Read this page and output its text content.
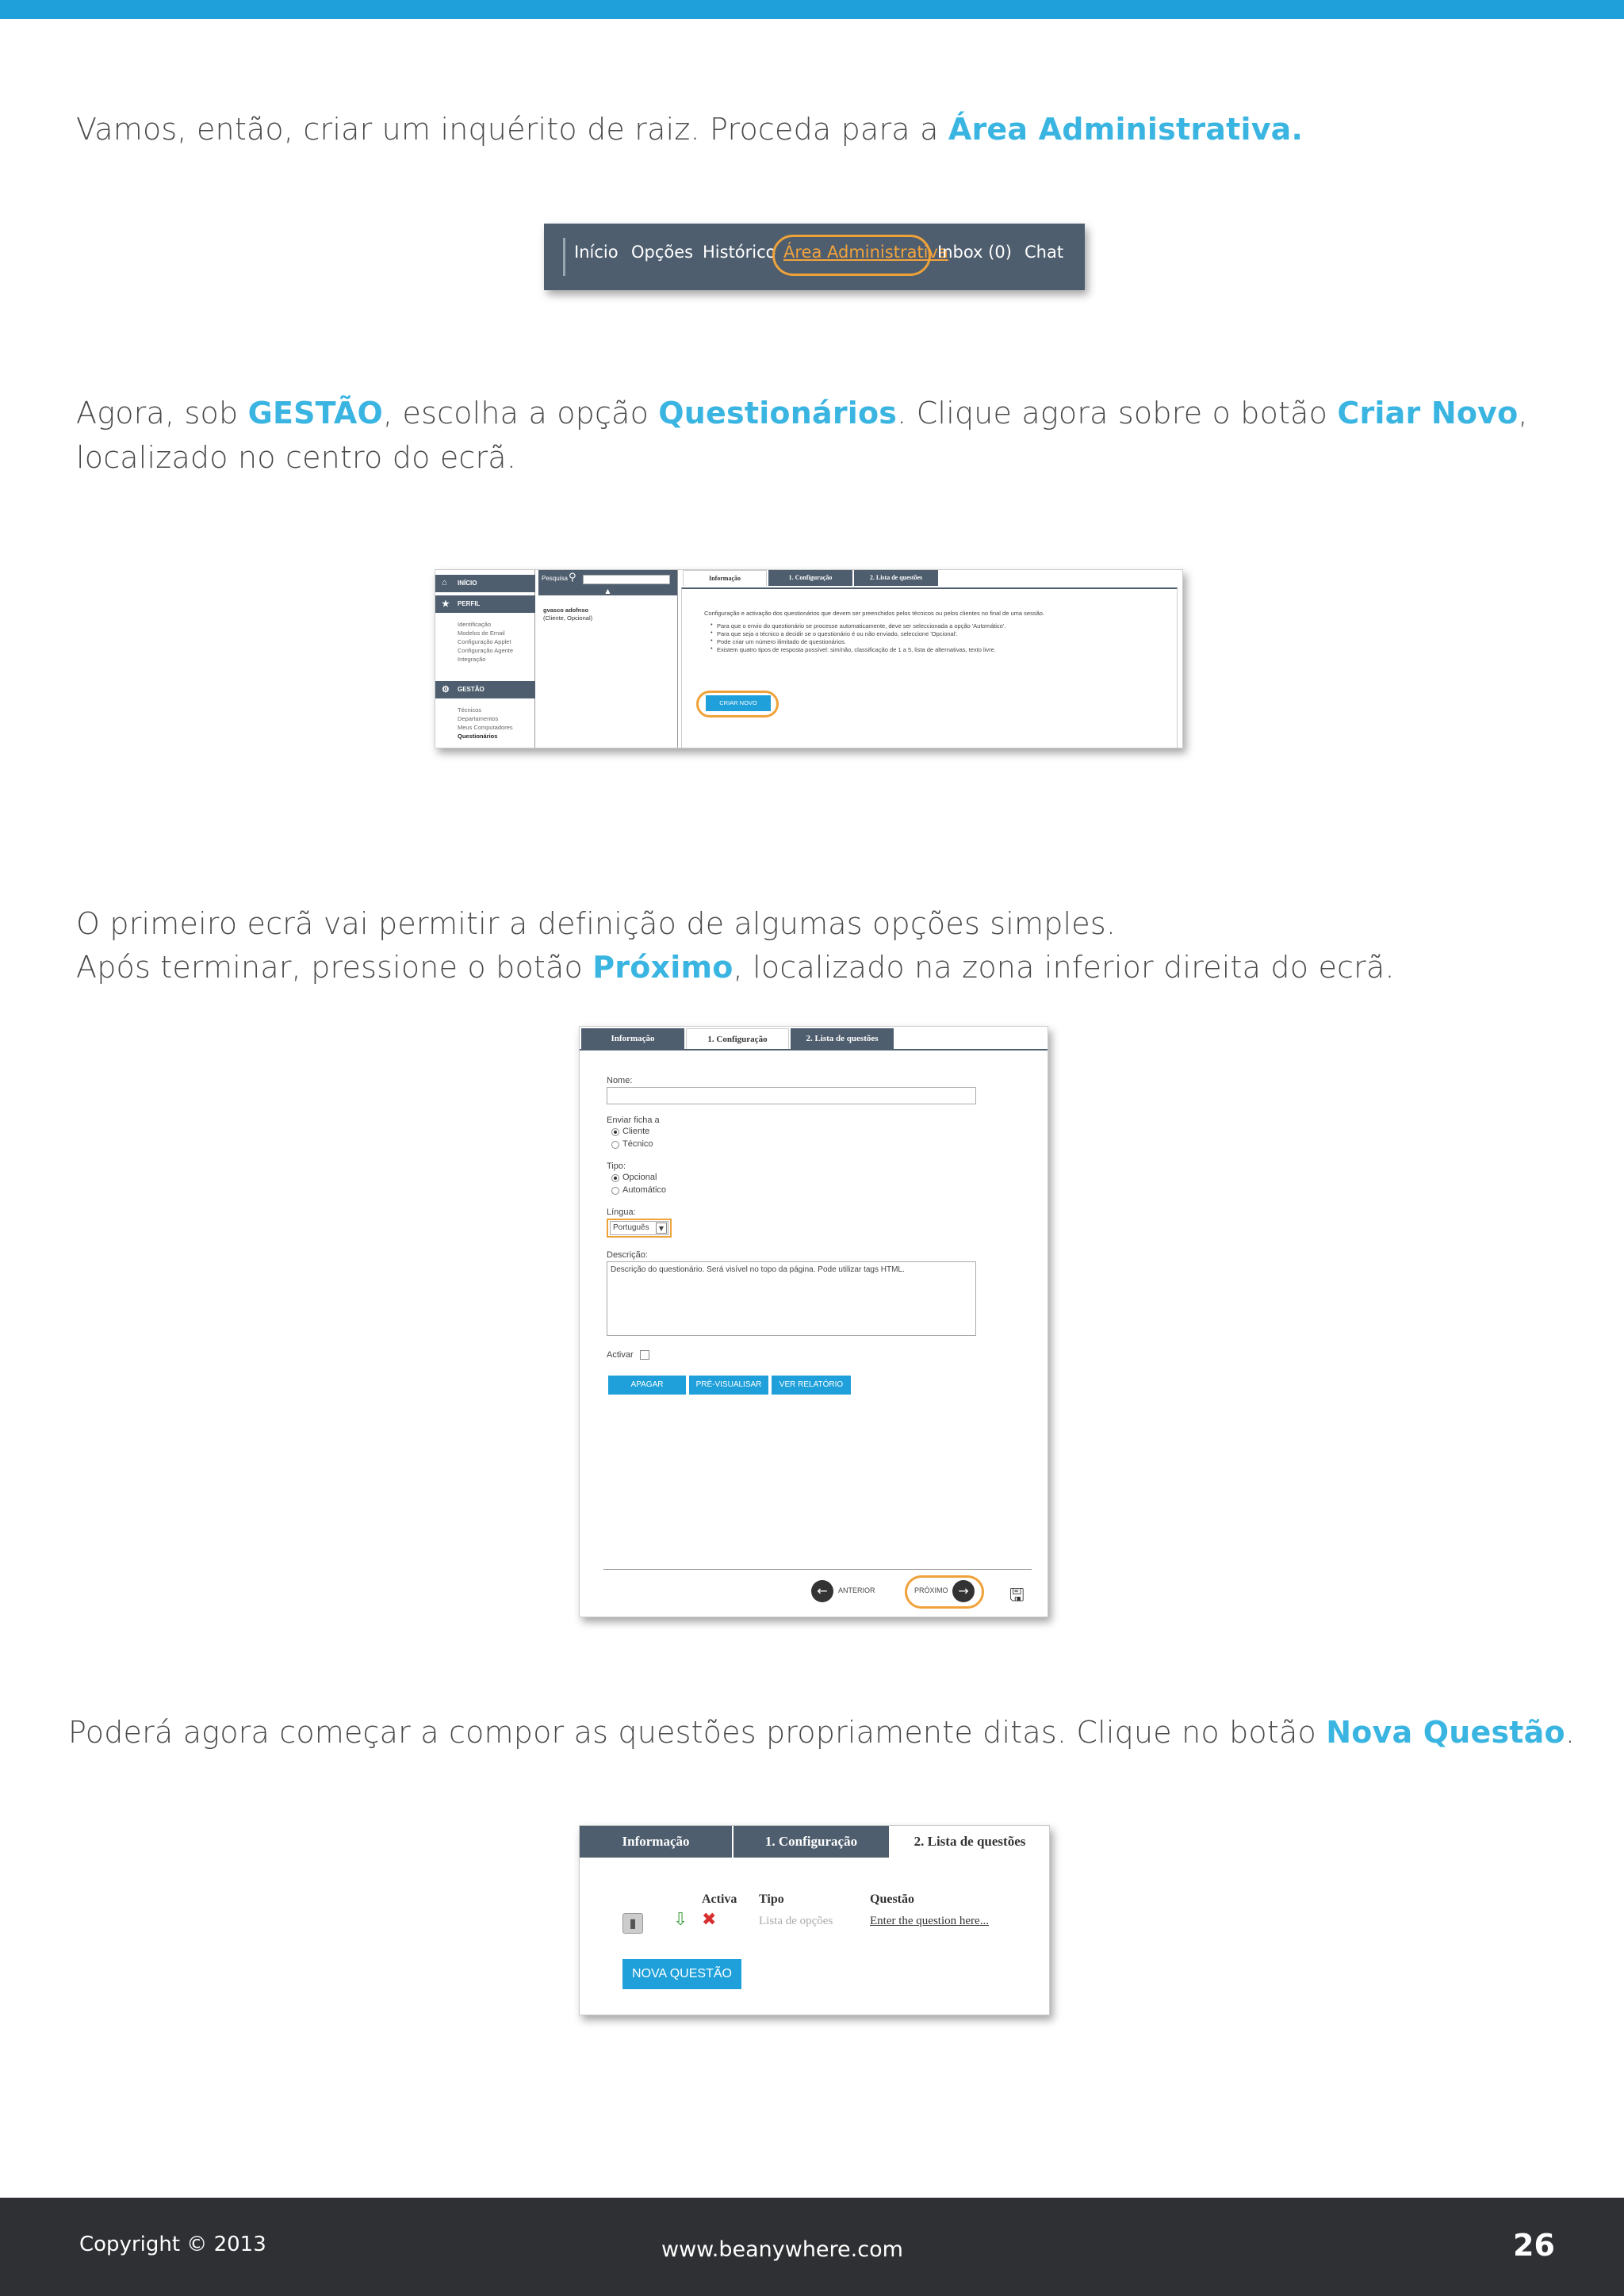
Vamos, então, criar um inquérito de raiz. Proceda para a Área Administrativa.
Início Opções Histórico Área Administrativa
Inbox (0) Chat
Agora, sob GESTÃO, escolha a opção Questionários. Clique agora sobre o botão Criar Novo,
localizado no centro do ecrã.
⌂ INÍCIO
★ PERFIL
Identificação
Modelos de Email
Configuração Applet
Configuração Agente
Integração
⚙ GESTÃO
Técnicos
Departamentos
Meus Computadores
Questionários
Pesquisa ⚲
▲
gvasco adofnso
(Cliente, Opcional)
Informação	1. Configuração	2. Lista de questões
Configuração e activação dos questionários que devem ser preenchidos pelos técnicos ou pelos clientes no final de uma sessão.
Para que o envio do questionário se processe automaticamente, deve ser seleccionada a opção 'Automático'.
Para que seja o técnico a decidir se o questionário é ou não enviado, seleccione 'Opcional'.
Pode criar um número ilimitado de questionários.
Existem quatro tipos de resposta possível: sim/não, classificação de 1 a 5, lista de alternativas, texto livre.
•
•
•
•
CRIAR NOVO
O primeiro ecrã vai permitir a definição de algumas opções simples.
Após terminar, pressione o botão Próximo, localizado na zona inferior direita do ecrã.
Informação	1. Configuração	2. Lista de questões
Nome:
Enviar ficha a
Cliente
Técnico
Tipo:
Opcional
Automático
Língua:
Português	▼
Descrição:
Descrição do questionário. Será visível no topo da página. Pode utilizar tags HTML.
Activar
APAGAR	PRÉ-VISUALISAR	VER RELATÓRIO
←	ANTERIOR	PRÓXIMO →	🖫
Poderá agora começar a compor as questões propriamente ditas. Clique no botão Nova Questão.
Informação	1. Configuração	2. Lista de questões
Activa Tipo	Questão
▮	⇩ ✖	Lista de opções	Enter the question here...
NOVA QUESTÃO
Copyright © 2013	www.beanywhere.com	26
